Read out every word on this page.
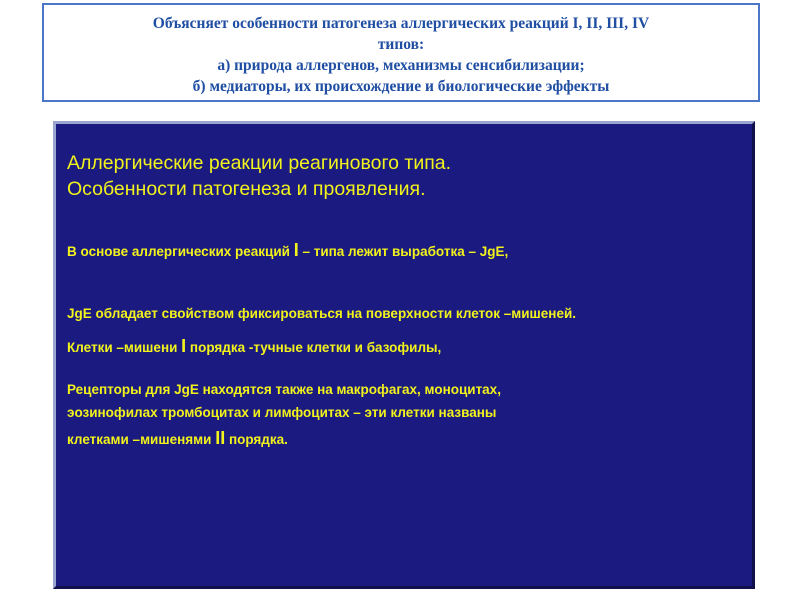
Объясняет особенности патогенеза аллергических реакций I, II, III, IV
типов:
а) природа аллергенов, механизмы сенсибилизации;
б) медиаторы, их происхождение и биологические эффекты
Аллергические реакции реагинового типа.
Особенности патогенеза и проявления.
В основе аллергических реакций I – типа лежит выработка – JgE,
JgE обладает свойством фиксироваться на поверхности клеток –мишеней.
Клетки –мишени I порядка -тучные клетки и базофилы,
Рецепторы для JgE находятся также на макрофагах, моноцитах,
эозинофилах тромбоцитах и лимфоцитах – эти клетки названы
клетками –мишенями II порядка.
